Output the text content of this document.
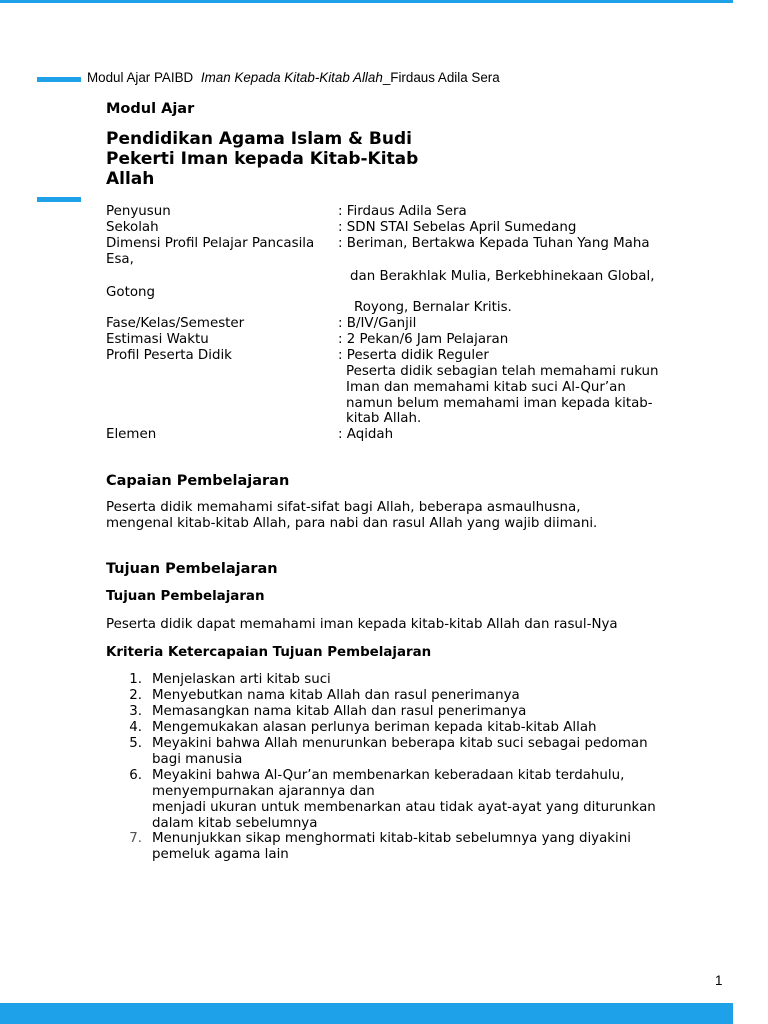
Modul Ajar PAIBD Iman Kepada Kitab-Kitab Allah_Firdaus Adila Sera
Modul Ajar
Pendidikan Agama Islam & Budi
Pekerti Iman kepada Kitab-Kitab
Allah
Penyusun	: Firdaus Adila Sera
Sekolah	: SDN STAI Sebelas April Sumedang
Dimensi Profil Pelajar Pancasila : Beriman, Bertakwa Kepada Tuhan Yang Maha
Esa,
dan Berakhlak Mulia, Berkebhinekaan Global,
Gotong
Royong, Bernalar Kritis.
Fase/Kelas/Semester	: B/IV/Ganjil
Estimasi Waktu	: 2 Pekan/6 Jam Pelajaran
Profil Peserta Didik	: Peserta didik Reguler
Peserta didik sebagian telah memahami rukun
Iman dan memahami kitab suci Al-Qur’an
namun belum memahami iman kepada kitab-
kitab Allah.
Elemen	: Aqidah
Capaian Pembelajaran
Peserta didik memahami sifat-sifat bagi Allah, beberapa asmaulhusna,
mengenal kitab-kitab Allah, para nabi dan rasul Allah yang wajib diimani.
Tujuan Pembelajaran
Tujuan Pembelajaran
Peserta didik dapat memahami iman kepada kitab-kitab Allah dan rasul-Nya
Kriteria Ketercapaian Tujuan Pembelajaran
1. Menjelaskan arti kitab suci
2. Menyebutkan nama kitab Allah dan rasul penerimanya
3. Memasangkan nama kitab Allah dan rasul penerimanya
4. Mengemukakan alasan perlunya beriman kepada kitab-kitab Allah
5. Meyakini bahwa Allah menurunkan beberapa kitab suci sebagai pedoman
bagi manusia
6. Meyakini bahwa Al-Qur’an membenarkan keberadaan kitab terdahulu,
menyempurnakan ajarannya dan
menjadi ukuran untuk membenarkan atau tidak ayat-ayat yang diturunkan
dalam kitab sebelumnya
7. Menunjukkan sikap menghormati kitab-kitab sebelumnya yang diyakini
pemeluk agama lain
1
